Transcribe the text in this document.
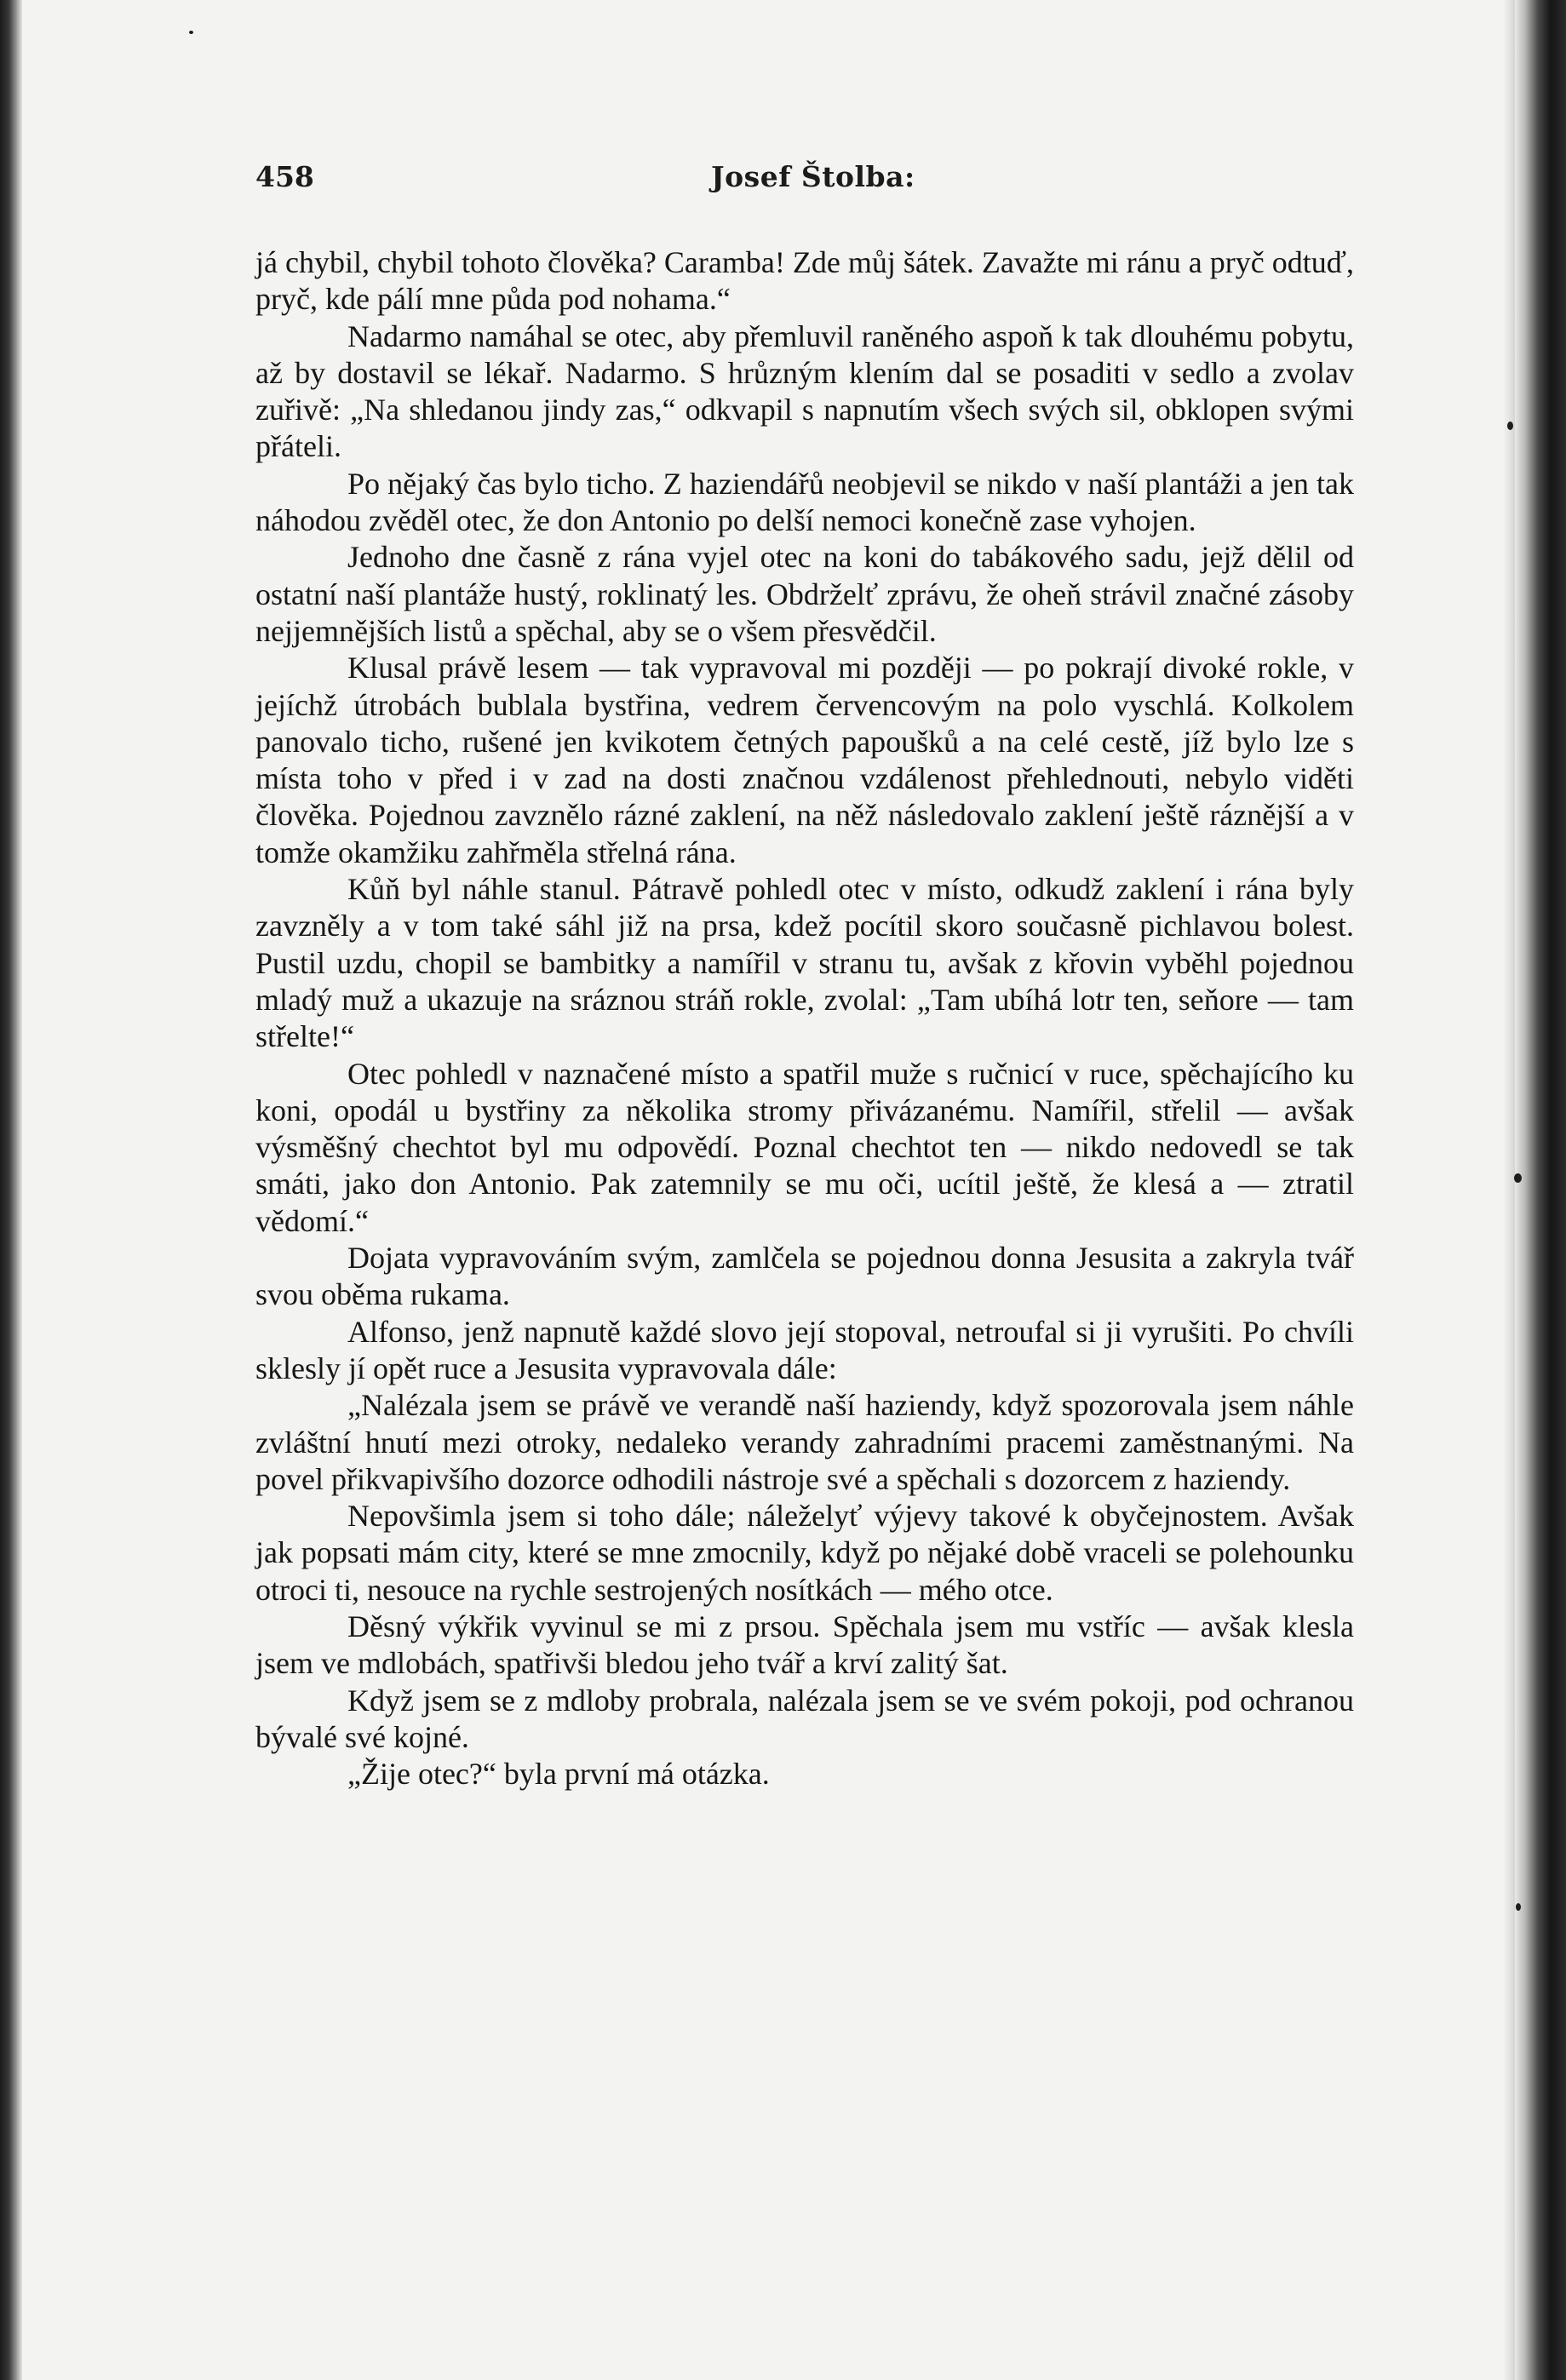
458	Josef Štolba:

já chybil, chybil tohoto člověka? Caramba! Zde můj šátek. Zavažte mi ránu a pryč odtuď, pryč, kde pálí mne půda pod nohama.“

Nadarmo namáhal se otec, aby přemluvil raněného aspoň k tak dlouhému pobytu, až by dostavil se lékař. Nadarmo. S hrůzným klením dal se posaditi v sedlo a zvolav zuřivě: „Na shledanou jindy zas,“ odkvapil s napnutím všech svých sil, obklopen svými přáteli.

Po nějaký čas bylo ticho. Z haziendářů neobjevil se nikdo v naší plantáži a jen tak náhodou zvěděl otec, že don Antonio po delší nemoci konečně zase vyhojen.

Jednoho dne časně z rána vyjel otec na koni do tabákového sadu, jejž dělil od ostatní naší plantáže hustý, roklinatý les. Obdrželť zprávu, že oheň strávil značné zásoby nejjemnějších listů a spěchal, aby se o všem přesvědčil.

Klusal právě lesem — tak vypravoval mi později — po pokrají divoké rokle, v jejíchž útrobách bublala bystřina, vedrem červencovým na polo vyschlá. Kolkolem panovalo ticho, rušené jen kvikotem četných papoušků a na celé cestě, jíž bylo lze s místa toho v před i v zad na dosti značnou vzdálenost přehlednouti, nebylo viděti člověka. Pojednou zavznělo rázné zaklení, na něž následovalo zaklení ještě ráznější a v tomže okamžiku zahřměla střelná rána.

Kůň byl náhle stanul. Pátravě pohledl otec v místo, odkudž zaklení i rána byly zavzněly a v tom také sáhl již na prsa, kdež pocítil skoro současně pichlavou bolest. Pustil uzdu, chopil se bambitky a namířil v stranu tu, avšak z křovin vyběhl pojednou mladý muž a ukazuje na sráznou stráň rokle, zvolal: „Tam ubíhá lotr ten, seňore — tam střelte!“

Otec pohledl v naznačené místo a spatřil muže s ručnicí v ruce, spěchajícího ku koni, opodál u bystřiny za několika stromy přivázanému. Namířil, střelil — avšak výsměšný chechtot byl mu odpovědí. Poznal chechtot ten — nikdo nedovedl se tak smáti, jako don Antonio. Pak zatemnily se mu oči, ucítil ještě, že klesá a — ztratil vědomí.“

Dojata vypravováním svým, zamlčela se pojednou donna Jesusita a zakryla tvář svou oběma rukama.

Alfonso, jenž napnutě každé slovo její stopoval, netroufal si ji vyrušiti. Po chvíli sklesly jí opět ruce a Jesusita vypravovala dále:

„Nalézala jsem se právě ve verandě naší haziendy, když spozorovala jsem náhle zvláštní hnutí mezi otroky, nedaleko verandy zahradními pracemi zaměstnanými. Na povel přikvapivšího dozorce odhodili nástroje své a spěchali s dozorcem z haziendy.

Nepovšimla jsem si toho dále; náleželyť výjevy takové k obyčejnostem. Avšak jak popsati mám city, které se mne zmocnily, když po nějaké době vraceli se polehounku otroci ti, nesouce na rychle sestrojených nosítkách — mého otce.

Děsný výkřik vyvinul se mi z prsou. Spěchala jsem mu vstříc — avšak klesla jsem ve mdlobách, spatřivši bledou jeho tvář a krví zalitý šat.

Když jsem se z mdloby probrala, nalézala jsem se ve svém pokoji, pod ochranou bývalé své kojné.

„Žije otec?“ byla první má otázka.
